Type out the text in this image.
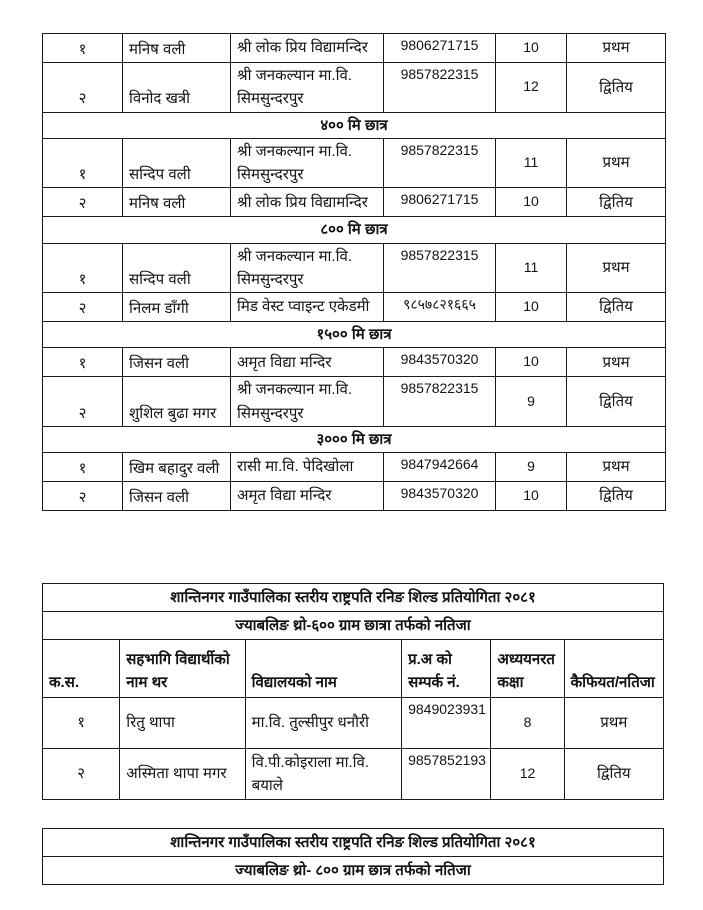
१	मनिष वली	श्री लोक प्रिय विद्यामन्दिर	9806271715	10	प्रथम
२	विनोद खत्री	श्री जनकल्यान मा.वि. सिमसुन्दरपुर	9857822315	12	द्वितिय
४०० मि छात्र					
१	सन्दिप वली	श्री जनकल्यान मा.वि. सिमसुन्दरपुर	9857822315	11	प्रथम
२	मनिष वली	श्री लोक प्रिय विद्यामन्दिर	9806271715	10	द्वितिय
८०० मि छात्र					
१	सन्दिप वली	श्री जनकल्यान मा.वि. सिमसुन्दरपुर	9857822315	11	प्रथम
२	निलम डाँगी	मिड वेस्ट प्वाइन्ट एकेडमी	९८५७८२१६६५	10	द्वितिय
१५०० मि छात्र					
१	जिसन वली	अमृत विद्या मन्दिर	9843570320	10	प्रथम
२	शुशिल बुढा मगर	श्री जनकल्यान मा.वि. सिमसुन्दरपुर	9857822315	9	द्वितिय
३००० मि छात्र					
१	खिम बहादुर वली	रासी मा.वि. पेदिखोला	9847942664	9	प्रथम
२	जिसन वली	अमृत विद्या मन्दिर	9843570320	10	द्वितिय
शान्तिनगर गाउँपालिका स्तरीय राष्ट्रपति रनिङ शिल्ड प्रतियोगिता २०८१					
ज्याबलिङ थ्रो-६०० ग्राम छात्रा तर्फको नतिजा					
क.स.	सहभागि विद्यार्थीको नाम थर	विद्यालयको नाम	प्र.अ को सम्पर्क नं.	अध्ययनरत कक्षा	कैफियत/नतिजा
१	रितु थापा	मा.वि. तुल्सीपुर धनौरी	9849023931	8	प्रथम
२	अस्मिता थापा मगर	वि.पी.कोइराला मा.वि. बयाले	9857852193	12	द्वितिय
शान्तिनगर गाउँपालिका स्तरीय राष्ट्रपति रनिङ शिल्ड प्रतियोगिता २०८१
ज्याबलिङ थ्रो- ८०० ग्राम छात्र तर्फको नतिजा
